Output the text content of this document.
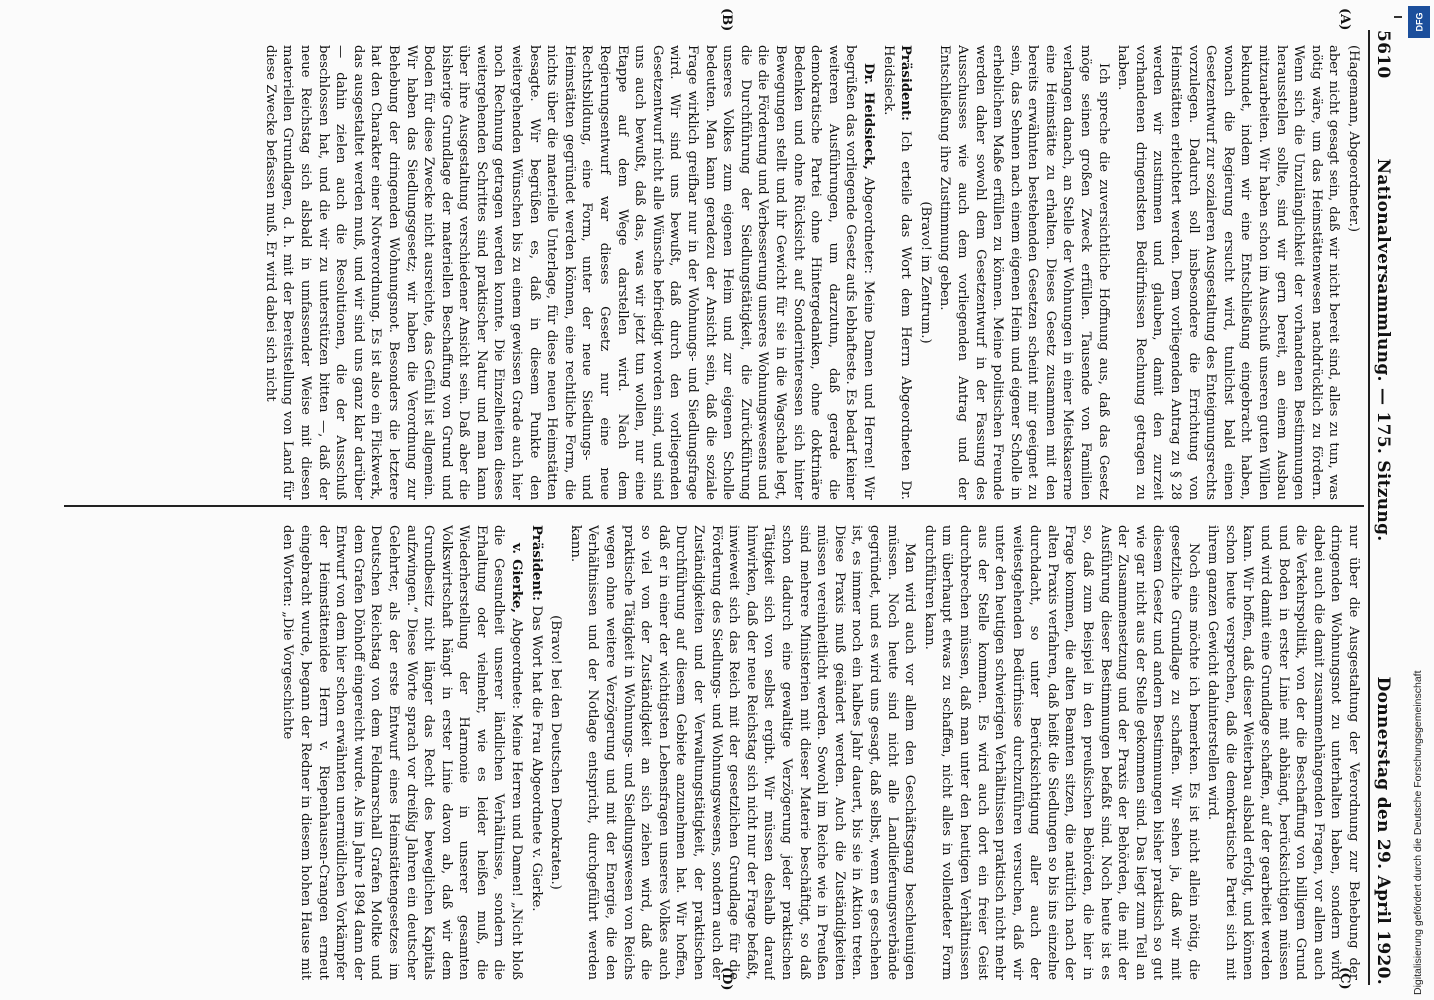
5610
Nationalversammlung. — 175. Sitzung.
Donnerstag den 29. April 1920.
(A)
(B)
(C)
(D)

(Hagemann, Abgeordneter.)

aber nicht gesagt sein, daß wir nicht bereit sind, alles zu tun, was nötig wäre, um das Heimstättenwesen nachdrücklich zu fördern. Wenn sich die Unzulänglichkeit der vorhandenen Bestimmungen herausstellen sollte, sind wir gern bereit, an einem Ausbau mitzuarbeiten. Wir haben schon im Ausschuß unseren guten Willen bekundet, indem wir eine Entschließung eingebracht haben, wonach die Regierung ersucht wird, tunlichst bald einen Gesetzentwurf zur sozialeren Ausgestaltung des Enteignungsrechts vorzulegen. Dadurch soll insbesondere die Errichtung von Heimstätten erleichtert werden. Dem vorliegenden Antrag zu § 28 werden wir zustimmen und glauben, damit den zurzeit vorhandenen dringendsten Bedürfnissen Rechnung getragen zu haben.

Ich spreche die zuversichtliche Hoffnung aus, daß das Gesetz möge seinen großen Zweck erfüllen. Tausende von Familien verlangen danach, an Stelle der Wohnungen in einer Mietskaserne eine Heimstätte zu erhalten. Dieses Gesetz zusammen mit den bereits erwähnten bestehenden Gesetzen scheint mir geeignet zu sein, das Sehnen nach einem eigenen Heim und eigener Scholle in erheblichem Maße erfüllen zu können. Meine politischen Freunde werden daher sowohl dem Gesetzentwurf in der Fassung des Ausschusses wie auch dem vorliegenden Antrag und der Entschließung ihre Zustimmung geben.

(Bravo! im Zentrum.)

Präsident: Ich erteile das Wort dem Herrn Abgeordneten Dr. Heidsieck.

Dr. Heidsieck, Abgeordneter: Meine Damen und Herren! Wir begrüßen das vorliegende Gesetz aufs lebhafteste. Es bedarf keiner weiteren Ausführungen, um darzutun, daß gerade die demokratische Partei ohne Hintergedanken, ohne doktrinäre Bedenken und ohne Rücksicht auf Sonderinteressen sich hinter Bewegungen stellt und ihr Gewicht für sie in die Wagschale legt, die die Förderung und Verbesserung unseres Wohnungswesens und die Durchführung der Siedlungstätigkeit, die Zurückführung unseres Volkes zum eigenen Heim und zur eigenen Scholle bedeuten. Man kann geradezu der Ansicht sein, daß die soziale Frage wirklich greifbar nur in der Wohnungs- und Siedlungsfrage wird. Wir sind uns bewußt, daß durch den vorliegenden Gesetzentwurf nicht alle Wünsche befriedigt worden sind, und sind uns auch bewußt, daß das, was wir jetzt tun wollen, nur eine Etappe auf dem Wege darstellen wird. Nach dem Regierungsentwurf war dieses Gesetz nur eine neue Rechtsbildung, eine Form, unter der neue Siedlungs- und Heimstätten gegründet werden können, eine rechtliche Form, die nichts über die materielle Unterlage, für diese neuen Heimstätten besagte. Wir begrüßen es, daß in diesem Punkte den weitergehenden Wünschen bis zu einem gewissen Grade auch hier noch Rechnung getragen werden konnte. Die Einzelheiten dieses weitergehenden Schrittes sind praktischer Natur und man kann über ihre Ausgestaltung verschiedener Ansicht sein. Daß aber die bisherige Grundlage der materiellen Beschaffung von Grund und Boden für diese Zwecke nicht ausreichte, das Gefühl ist allgemein. Wir haben das Siedlungsgesetz; wir haben die Verordnung zur Behebung der dringenden Wohnungsnot. Besonders die letztere hat den Charakter einer Notverordnung. Es ist also ein Flickwerk, das ausgestaltet werden muß, und wir sind uns ganz klar darüber — dahin zielen auch die Resolutionen, die der Ausschuß beschlossen hat, und die wir zu unterstützen bitten —, daß der neue Reichstag sich alsbald in umfassender Weise mit diesen materiellen Grundlagen, d. h. mit der Bereitstellung von Land für diese Zwecke befassen muß. Er wird dabei sich nicht

nur über die Ausgestaltung der Verordnung zur Behebung der dringenden Wohnungsnot zu unterhalten haben, sondern wird dabei auch die damit zusammenhängenden Fragen, vor allem auch die Verkehrspolitik, von der die Beschaffung von billigem Grund und Boden in erster Linie mit abhängt, berücksichtigen müssen und wird damit eine Grundlage schaffen, auf der gearbeitet werden kann. Wir hoffen, daß dieser Weiterbau alsbald erfolgt, und können schon heute versprechen, daß die demokratische Partei sich mit ihrem ganzen Gewicht dahinterstellen wird.

Noch eins möchte ich bemerken. Es ist nicht allein nötig, die gesetzliche Grundlage zu schaffen. Wir sehen ja, daß wir mit diesem Gesetz und andern Bestimmungen bisher praktisch so gut wie gar nicht aus der Stelle gekommen sind. Das liegt zum Teil an der Zusammensetzung und der Praxis der Behörden, die mit der Ausführung dieser Bestimmungen befaßt sind. Noch heute ist es so, daß zum Beispiel in den preußischen Behörden, die hier in Frage kommen, die alten Beamten sitzen, die natürlich nach der alten Praxis verfahren, daß heißt die Siedlungen so bis ins einzelne durchdacht, so unter Berücksichtigung aller auch der weitestgehenden Bedürfnisse durchzuführen versuchen, daß wir unter den heutigen schwierigen Verhältnissen praktisch nicht mehr aus der Stelle kommen. Es wird auch dort ein freier Geist durchbrechen müssen, daß man unter den heutigen Verhältnissen um überhaupt etwas zu schaffen, nicht alles in vollendeter Form durchführen kann.

Man wird auch vor allem den Geschäftsgang beschleunigen müssen. Noch heute sind nicht alle Landlieferungsverbände gegründet, und es wird uns gesagt, daß selbst, wenn es geschehen ist, es immer noch ein halbes Jahr dauert, bis sie in Aktion treten. Diese Praxis muß geändert werden. Auch die Zuständigkeiten müssen vereinheitlicht werden. Sowohl im Reiche wie in Preußen sind mehrere Ministerien mit dieser Materie beschäftigt, so daß schon dadurch eine gewaltige Verzögerung jeder praktischen Tätigkeit sich von selbst ergibt. Wir müssen deshalb darauf hinwirken, daß der neue Reichstag sich nicht nur der Frage befaßt, inwieweit sich das Reich mit der gesetzlichen Grundlage für die Förderung des Siedlungs- und Wohnungswesens, sondern auch der Zuständigkeiten und der Verwaltungstätigkeit, der praktischen Durchführung auf diesem Gebiete anzunehmen hat. Wir hoffen, daß er in einer der wichtigsten Lebensfragen unseres Volkes auch so viel von der Zuständigkeit an sich ziehen wird, daß die praktische Tätigkeit in Wohnungs- und Siedlungswesen von Reichs wegen ohne weitere Verzögerung und mit der Energie, die den Verhältnissen und der Notlage entspricht, durchgeführt werden kann.

(Bravo! bei den Deutschen Demokraten.)

Präsident: Das Wort hat die Frau Abgeordnete v. Gierke.

v. Gierke, Abgeordnete: Meine Herren und Damen! „Nicht bloß die Gesundheit unserer ländlichen Verhältnisse, sondern die Erhaltung oder vielmehr, wie es leider heißen muß, die Wiederherstellung der Harmonie in unserer gesamten Volkswirtschaft hängt in erster Linie davon ab, daß wir dem Grundbesitz nicht länger das Recht des beweglichen Kapitals aufzwingen.“ Diese Worte sprach vor dreißig Jahren ein deutscher Gelehrter, als der erste Entwurf eines Heimstättengesetzes im Deutschen Reichstag von dem Feldmarschall Grafen Moltke und dem Grafen Dönhoff eingereicht wurde. Als im Jahre 1894 dann der Entwurf von dem hier schon erwähnten unermüdlichen Vorkämpfer der Heimstättenidee Herrn v. Riepenhausen-Crangen erneut eingebracht wurde, begann der Redner in diesem hohen Hause mit den Worten: „Die Vorgeschichte

DFG
Digitalisierung gefördert durch die Deutsche Forschungsgemeinschaft
